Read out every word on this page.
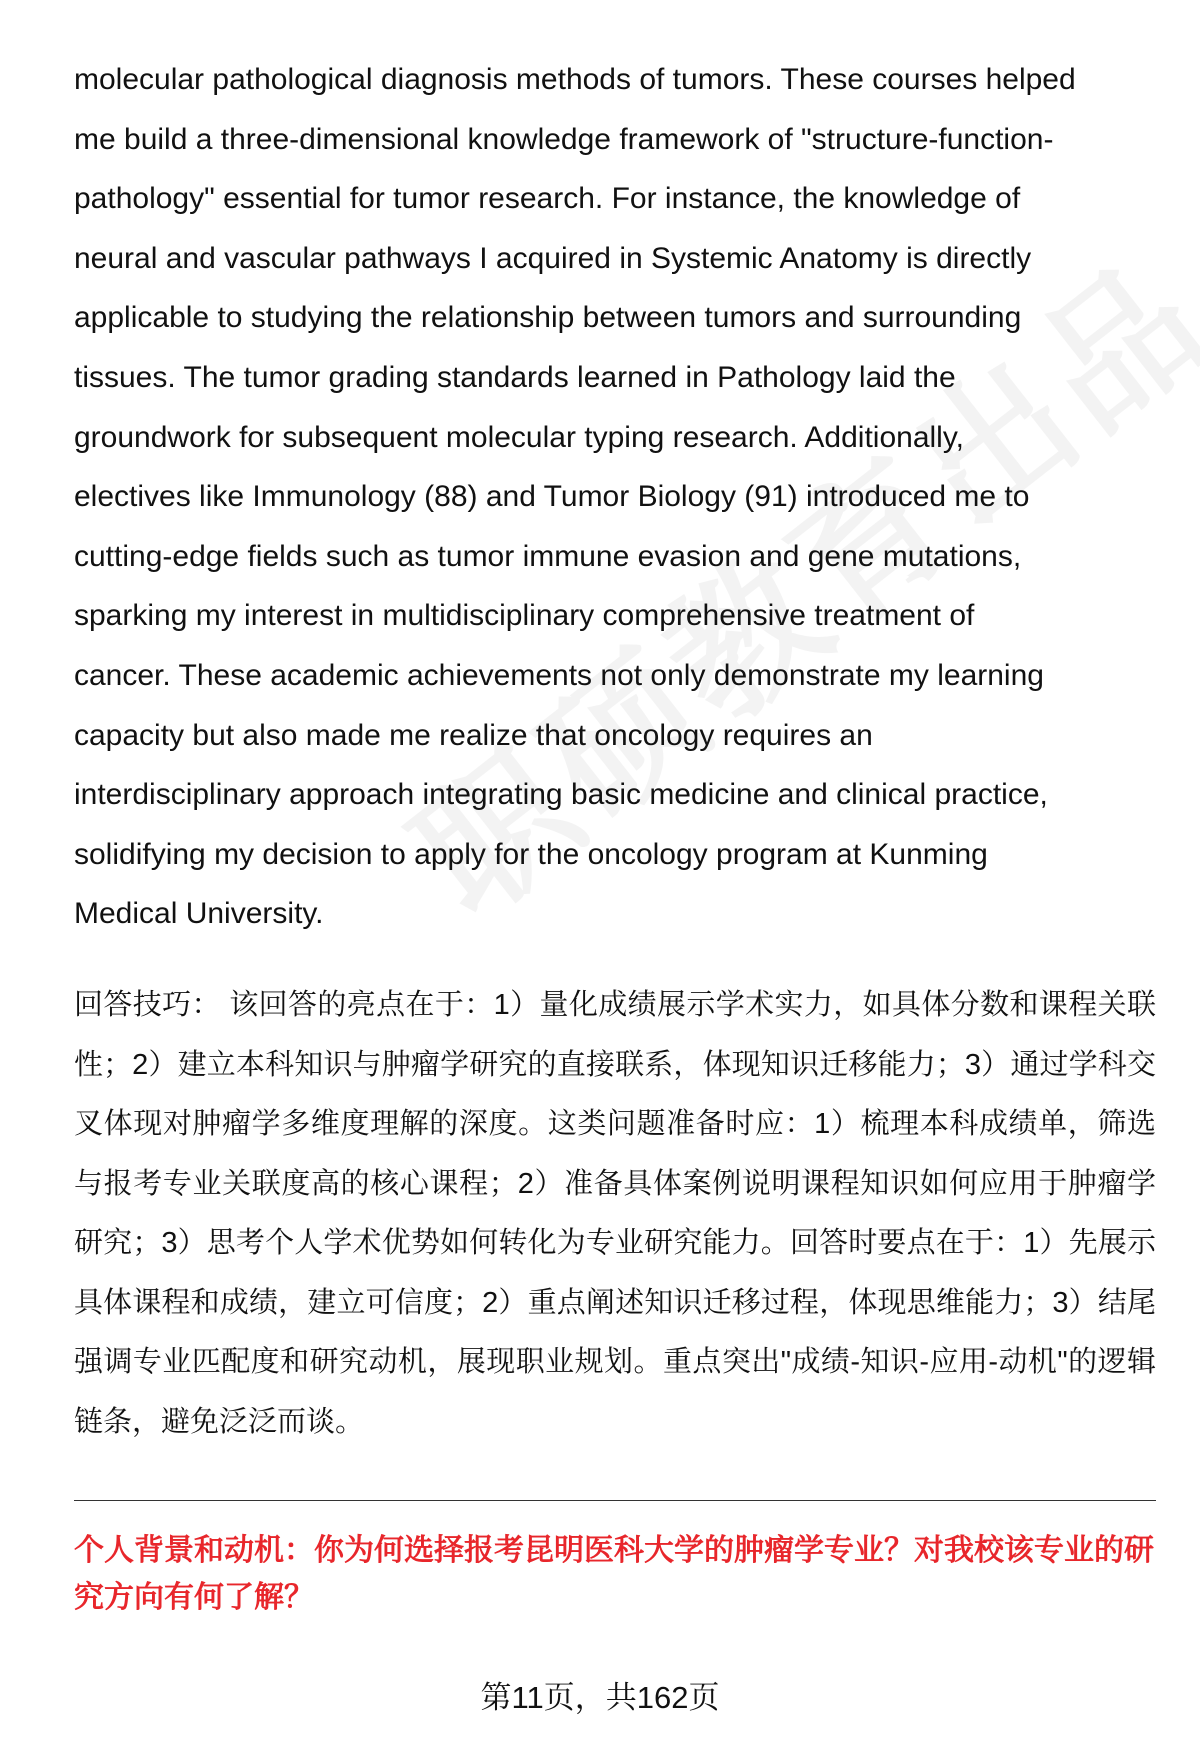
molecular pathological diagnosis methods of tumors. These courses helped
me build a three-dimensional knowledge framework of "structure-function-
pathology" essential for tumor research. For instance, the knowledge of
neural and vascular pathways I acquired in Systemic Anatomy is directly
applicable to studying the relationship between tumors and surrounding
tissues. The tumor grading standards learned in Pathology laid the
groundwork for subsequent molecular typing research. Additionally,
electives like Immunology (88) and Tumor Biology (91) introduced me to
cutting-edge fields such as tumor immune evasion and gene mutations,
sparking my interest in multidisciplinary comprehensive treatment of
cancer. These academic achievements not only demonstrate my learning
capacity but also made me realize that oncology requires an
interdisciplinary approach integrating basic medicine and clinical practice,
solidifying my decision to apply for the oncology program at Kunming
Medical University.

回答技巧： 该回答的亮点在于：1）量化成绩展示学术实力，如具体分数和课程关联性；2）建立本科知识与肿瘤学研究的直接联系，体现知识迁移能力；3）通过学科交叉体现对肿瘤学多维度理解的深度。这类问题准备时应：1）梳理本科成绩单，筛选与报考专业关联度高的核心课程；2）准备具体案例说明课程知识如何应用于肿瘤学研究；3）思考个人学术优势如何转化为专业研究能力。回答时要点在于：1）先展示具体课程和成绩，建立可信度；2）重点阐述知识迁移过程，体现思维能力；3）结尾强调专业匹配度和研究动机，展现职业规划。重点突出"成绩-知识-应用-动机"的逻辑链条，避免泛泛而谈。

个人背景和动机：你为何选择报考昆明医科大学的肿瘤学专业？对我校该专业的研究方向有何了解？

第11页，共162页
